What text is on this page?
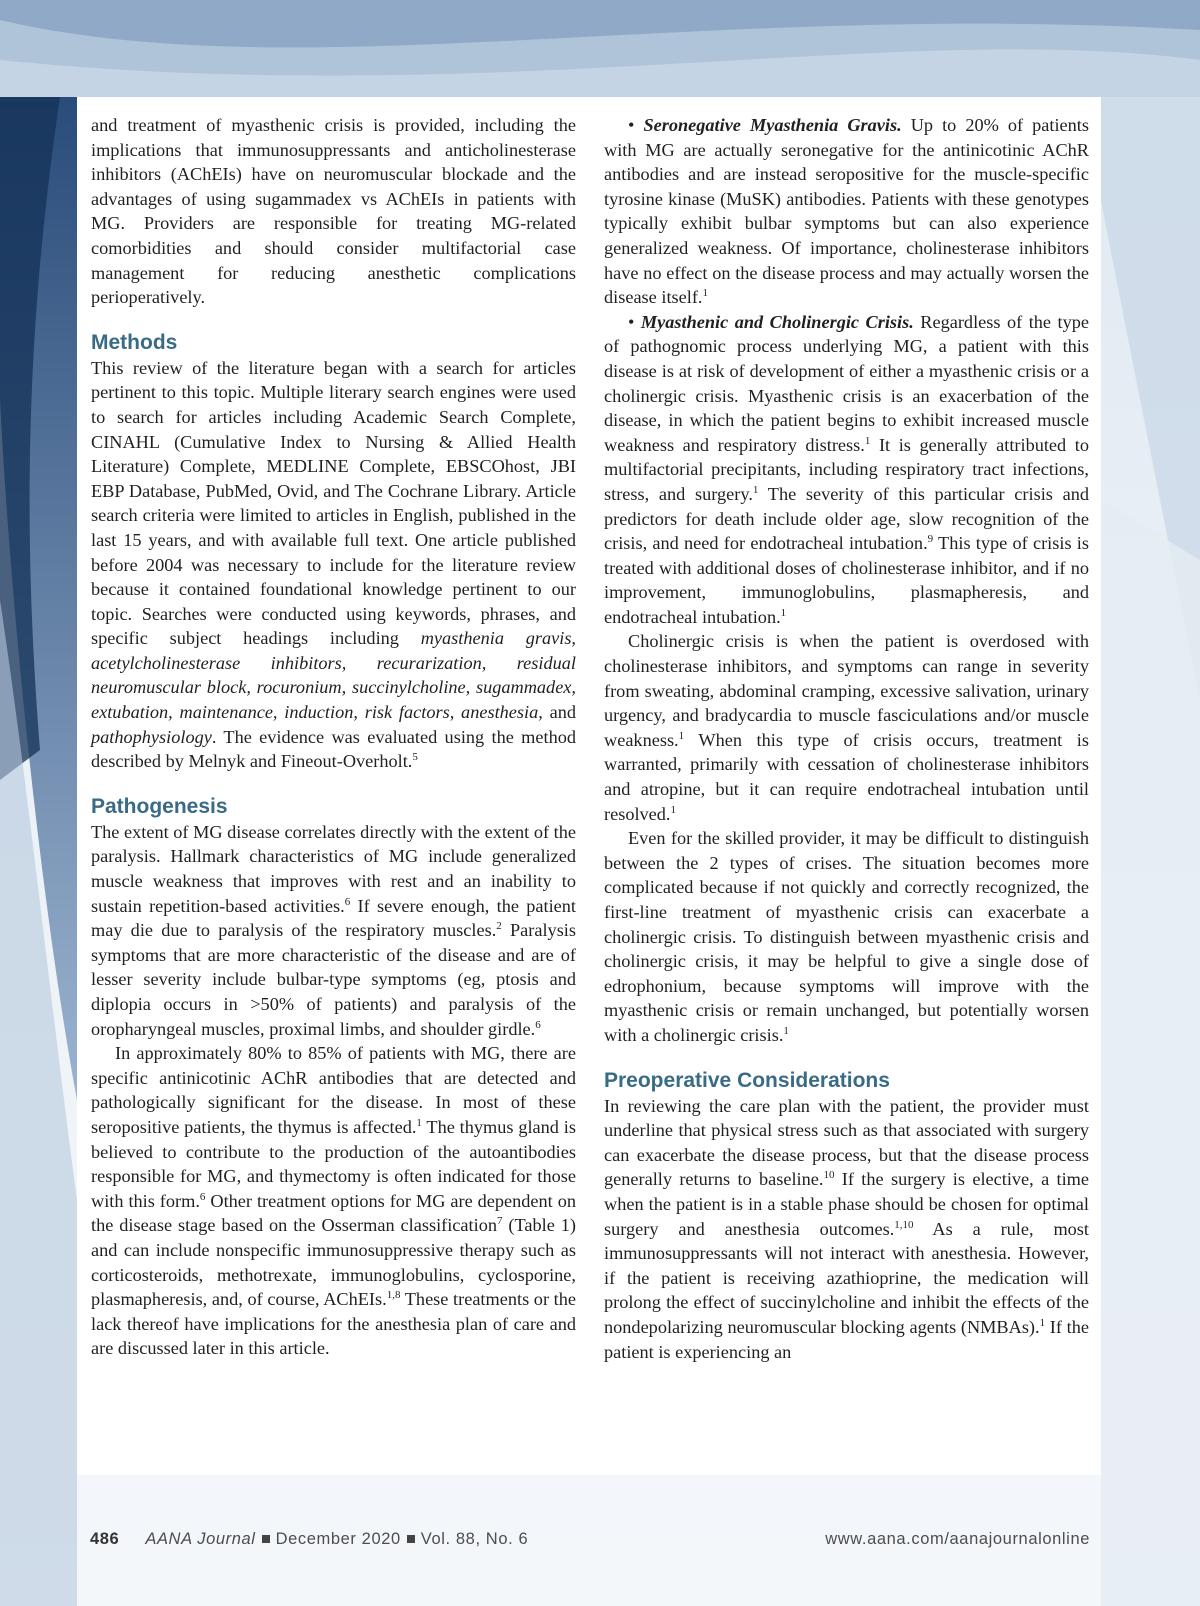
and treatment of myasthenic crisis is provided, including the implications that immunosuppressants and anticholinesterase inhibitors (AChEIs) have on neuromuscular blockade and the advantages of using sugammadex vs AChEIs in patients with MG. Providers are responsible for treating MG-related comorbidities and should consider multifactorial case management for reducing anesthetic complications perioperatively.

Methods

This review of the literature began with a search for articles pertinent to this topic. Multiple literary search engines were used to search for articles including Academic Search Complete, CINAHL (Cumulative Index to Nursing & Allied Health Literature) Complete, MEDLINE Complete, EBSCOhost, JBI EBP Database, PubMed, Ovid, and The Cochrane Library. Article search criteria were limited to articles in English, published in the last 15 years, and with available full text. One article published before 2004 was necessary to include for the literature review because it contained foundational knowledge pertinent to our topic. Searches were conducted using keywords, phrases, and specific subject headings including myasthenia gravis, acetylcholinesterase inhibitors, recurarization, residual neuromuscular block, rocuronium, succinylcholine, sugammadex, extubation, maintenance, induction, risk factors, anesthesia, and pathophysiology. The evidence was evaluated using the method described by Melnyk and Fineout-Overholt.$^5$

Pathogenesis

The extent of MG disease correlates directly with the extent of the paralysis. Hallmark characteristics of MG include generalized muscle weakness that improves with rest and an inability to sustain repetition-based activities.$^6$ If severe enough, the patient may die due to paralysis of the respiratory muscles.$^2$ Paralysis symptoms that are more characteristic of the disease and are of lesser severity include bulbar-type symptoms (eg, ptosis and diplopia occurs in >50% of patients) and paralysis of the oropharyngeal muscles, proximal limbs, and shoulder girdle.$^6$

In approximately 80% to 85% of patients with MG, there are specific antinicotinic AChR antibodies that are detected and pathologically significant for the disease. In most of these seropositive patients, the thymus is affected.$^1$ The thymus gland is believed to contribute to the production of the autoantibodies responsible for MG, and thymectomy is often indicated for those with this form.$^6$ Other treatment options for MG are dependent on the disease stage based on the Osserman classification$^7$ (Table 1) and can include nonspecific immunosuppressive therapy such as corticosteroids, methotrexate, immunoglobulins, cyclosporine, plasmapheresis, and, of course, AChEIs.$^{1,8}$ These treatments or the lack thereof have implications for the anesthesia plan of care and are discussed later in this article.

• Seronegative Myasthenia Gravis. Up to 20% of patients with MG are actually seronegative for the antinicotinic AChR antibodies and are instead seropositive for the muscle-specific tyrosine kinase (MuSK) antibodies. Patients with these genotypes typically exhibit bulbar symptoms but can also experience generalized weakness. Of importance, cholinesterase inhibitors have no effect on the disease process and may actually worsen the disease itself.$^1$

• Myasthenic and Cholinergic Crisis. Regardless of the type of pathognomic process underlying MG, a patient with this disease is at risk of development of either a myasthenic crisis or a cholinergic crisis. Myasthenic crisis is an exacerbation of the disease, in which the patient begins to exhibit increased muscle weakness and respiratory distress.$^1$ It is generally attributed to multifactorial precipitants, including respiratory tract infections, stress, and surgery.$^1$ The severity of this particular crisis and predictors for death include older age, slow recognition of the crisis, and need for endotracheal intubation.$^9$ This type of crisis is treated with additional doses of cholinesterase inhibitor, and if no improvement, immunoglobulins, plasmapheresis, and endotracheal intubation.$^1$

Cholinergic crisis is when the patient is overdosed with cholinesterase inhibitors, and symptoms can range in severity from sweating, abdominal cramping, excessive salivation, urinary urgency, and bradycardia to muscle fasciculations and/or muscle weakness.$^1$ When this type of crisis occurs, treatment is warranted, primarily with cessation of cholinesterase inhibitors and atropine, but it can require endotracheal intubation until resolved.$^1$

Even for the skilled provider, it may be difficult to distinguish between the 2 types of crises. The situation becomes more complicated because if not quickly and correctly recognized, the first-line treatment of myasthenic crisis can exacerbate a cholinergic crisis. To distinguish between myasthenic crisis and cholinergic crisis, it may be helpful to give a single dose of edrophonium, because symptoms will improve with the myasthenic crisis or remain unchanged, but potentially worsen with a cholinergic crisis.$^1$

Preoperative Considerations

In reviewing the care plan with the patient, the provider must underline that physical stress such as that associated with surgery can exacerbate the disease process, but that the disease process generally returns to baseline.$^{10}$ If the surgery is elective, a time when the patient is in a stable phase should be chosen for optimal surgery and anesthesia outcomes.$^{1,10}$ As a rule, most immunosuppressants will not interact with anesthesia. However, if the patient is receiving azathioprine, the medication will prolong the effect of succinylcholine and inhibit the effects of the nondepolarizing neuromuscular blocking agents (NMBAs).$^1$ If the patient is experiencing an

486 AANA Journal December 2020 Vol. 88, No. 6	www.aana.com/aanajournalonline
